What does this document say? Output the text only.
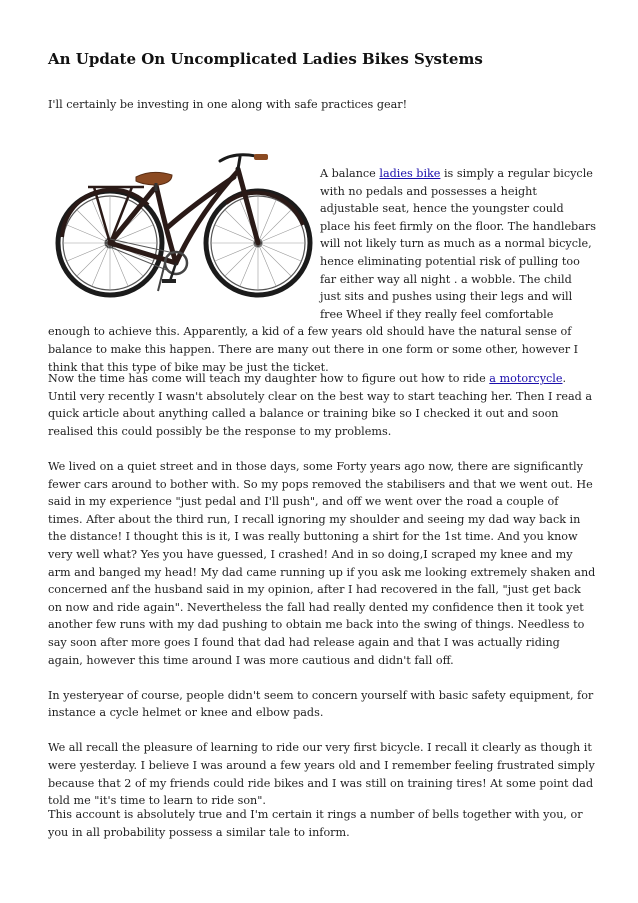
An Update On Uncomplicated Ladies Bikes Systems

I'll certainly be investing in one along with safe practices gear!

A balance ladies bike is simply a regular bicycle with no pedals and possesses a height adjustable seat, hence the youngster could place his feet firmly on the floor. The handlebars will not likely turn as much as a normal bicycle, hence eliminating potential risk of pulling too far either way all night . a wobble. The child just sits and pushes using their legs and will free Wheel if they really feel comfortable enough to achieve this. Apparently, a kid of a few years old should have the natural sense of balance to make this happen. There are many out there in one form or some other, however I think that this type of bike may be just the ticket.

Now the time has come will teach my daughter how to figure out how to ride a motorcycle. Until very recently I wasn't absolutely clear on the best way to start teaching her. Then I read a quick article about anything called a balance or training bike so I checked it out and soon realised this could possibly be the response to my problems.

We lived on a quiet street and in those days, some Forty years ago now, there are significantly fewer cars around to bother with. So my pops removed the stabilisers and that we went out. He said in my experience "just pedal and I'll push", and off we went over the road a couple of times. After about the third run, I recall ignoring my shoulder and seeing my dad way back in the distance! I thought this is it, I was really buttoning a shirt for the 1st time. And you know very well what? Yes you have guessed, I crashed! And in so doing,I scraped my knee and my arm and banged my head! My dad came running up if you ask me looking extremely shaken and concerned anf the husband said in my opinion, after I had recovered in the fall, "just get back on now and ride again". Nevertheless the fall had really dented my confidence then it took yet another few runs with my dad pushing to obtain me back into the swing of things. Needless to say soon after more goes I found that dad had release again and that I was actually riding again, however this time around I was more cautious and didn't fall off.

In yesteryear of course, people didn't seem to concern yourself with basic safety equipment, for instance a cycle helmet or knee and elbow pads.

We all recall the pleasure of learning to ride our very first bicycle. I recall it clearly as though it were yesterday. I believe I was around a few years old and I remember feeling frustrated simply because that 2 of my friends could ride bikes and I was still on training tires! At some point dad told me "it's time to learn to ride son".

This account is absolutely true and I'm certain it rings a number of bells together with you, or you in all probability possess a similar tale to inform.
